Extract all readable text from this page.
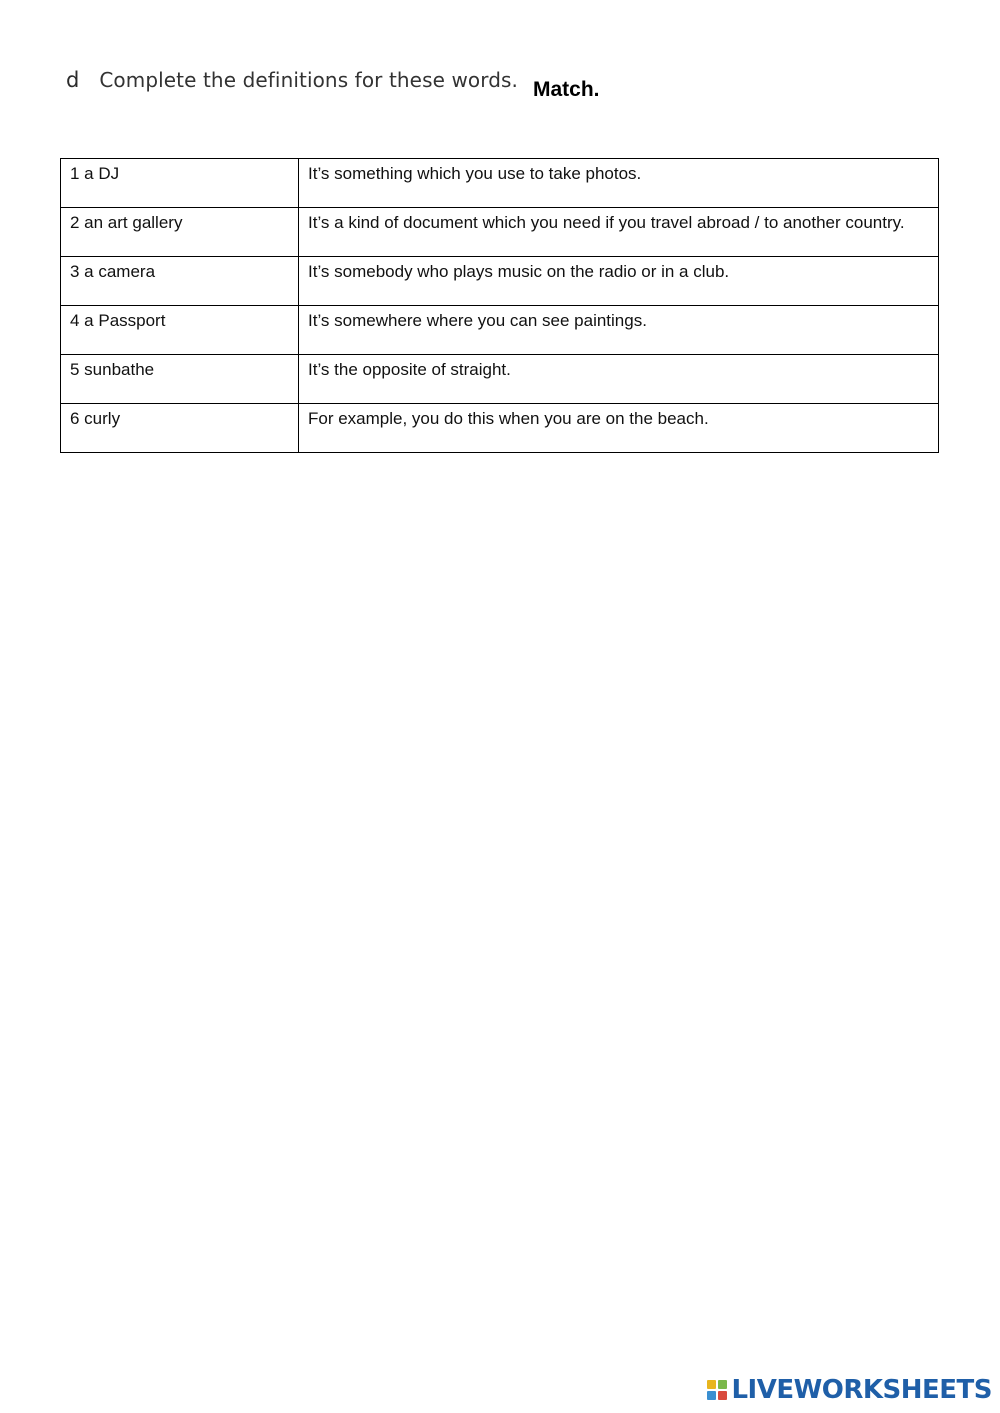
d Complete the definitions for these words. Match.
1 a DJ	It’s something which you use to take photos.
2 an art gallery	It’s a kind of document which you need if you travel abroad / to another country.
3 a camera	It’s somebody who plays music on the radio or in a club.
4 a Passport	It’s somewhere where you can see paintings.
5 sunbathe	It’s the opposite of straight.
6 curly	For example, you do this when you are on the beach.
LIVEWORKSHEETS
